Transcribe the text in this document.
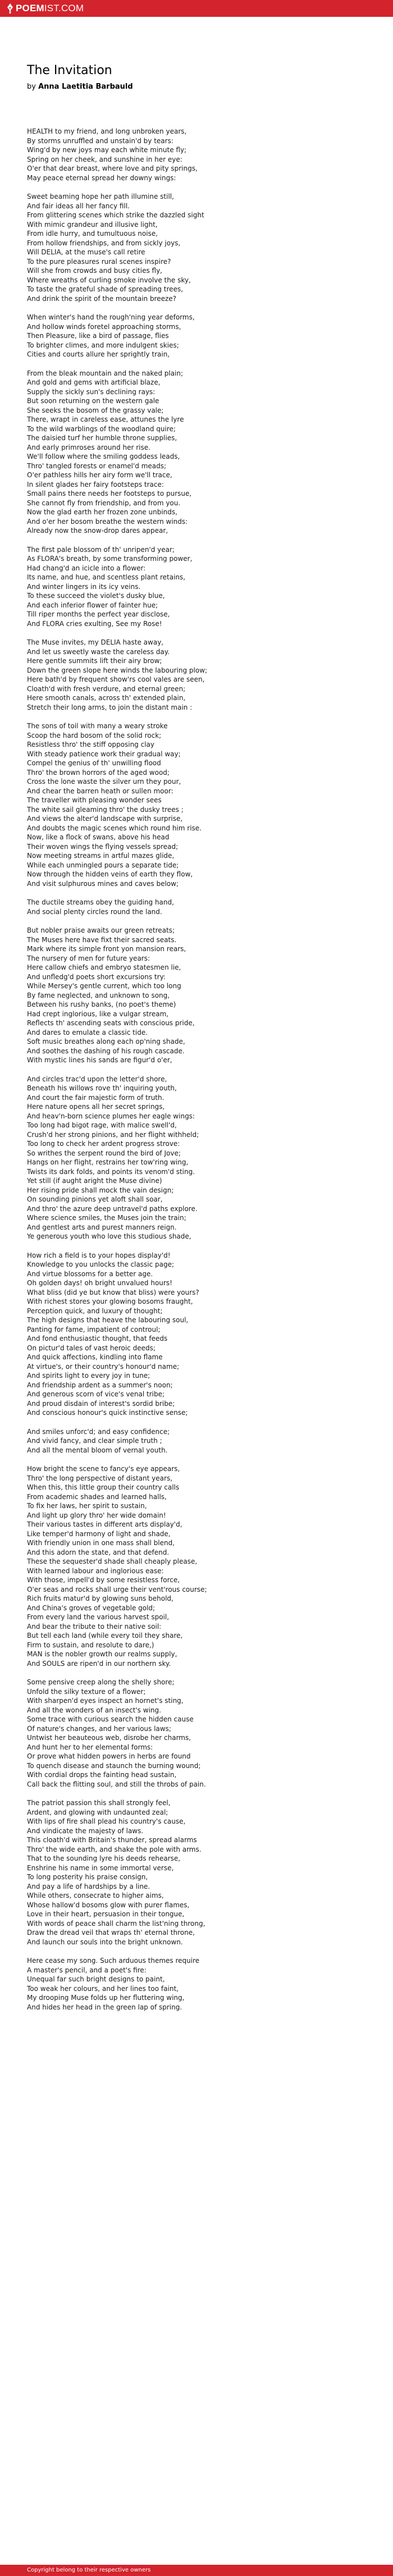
POEMIST.COM
The Invitation
by Anna Laetitia Barbauld
HEALTH to my friend, and long unbroken years,
By storms unruffled and unstain'd by tears:
Wing'd by new joys may each white minute fly;
Spring on her cheek, and sunshine in her eye:
O'er that dear breast, where love and pity springs,
May peace eternal spread her downy wings:
Sweet beaming hope her path illumine still,
And fair ideas all her fancy fill.
From glittering scenes which strike the dazzled sight
With mimic grandeur and illusive light,
From idle hurry, and tumultuous noise,
From hollow friendships, and from sickly joys,
Will DELIA, at the muse's call retire
To the pure pleasures rural scenes inspire?
Will she from crowds and busy cities fly,
Where wreaths of curling smoke involve the sky,
To taste the grateful shade of spreading trees,
And drink the spirit of the mountain breeze?
When winter's hand the rough'ning year deforms,
And hollow winds foretel approaching storms,
Then Pleasure, like a bird of passage, flies
To brighter climes, and more indulgent skies;
Cities and courts allure her sprightly train,
From the bleak mountain and the naked plain;
And gold and gems with artificial blaze,
Supply the sickly sun's declining rays:
But soon returning on the western gale
She seeks the bosom of the grassy vale;
There, wrapt in careless ease, attunes the lyre
To the wild warblings of the woodland quire;
The daisied turf her humble throne supplies,
And early primroses around her rise.
We'll follow where the smiling goddess leads,
Thro' tangled forests or enamel'd meads;
O'er pathless hills her airy form we'll trace,
In silent glades her fairy footsteps trace:
Small pains there needs her footsteps to pursue,
She cannot fly from friendship, and from you.
Now the glad earth her frozen zone unbinds,
And o'er her bosom breathe the western winds:
Already now the snow-drop dares appear,
The first pale blossom of th' unripen'd year;
As FLORA's breath, by some transforming power,
Had chang'd an icicle into a flower:
Its name, and hue, and scentless plant retains,
And winter lingers in its icy veins.
To these succeed the violet's dusky blue,
And each inferior flower of fainter hue;
Till riper months the perfect year disclose,
And FLORA cries exulting, See my Rose!
The Muse invites, my DELIA haste away,
And let us sweetly waste the careless day.
Here gentle summits lift their airy brow;
Down the green slope here winds the labouring plow;
Here bath'd by frequent show'rs cool vales are seen,
Cloath'd with fresh verdure, and eternal green;
Here smooth canals, across th' extended plain,
Stretch their long arms, to join the distant main :
The sons of toil with many a weary stroke
Scoop the hard bosom of the solid rock;
Resistless thro' the stiff opposing clay
With steady patience work their gradual way;
Compel the genius of th' unwilling flood
Thro' the brown horrors of the aged wood;
Cross the lone waste the silver urn they pour,
And chear the barren heath or sullen moor:
The traveller with pleasing wonder sees
The white sail gleaming thro' the dusky trees ;
And views the alter'd landscape with surprise,
And doubts the magic scenes which round him rise.
Now, like a flock of swans, above his head
Their woven wings the flying vessels spread;
Now meeting streams in artful mazes glide,
While each unmingled pours a separate tide;
Now through the hidden veins of earth they flow,
And visit sulphurous mines and caves below;
The ductile streams obey the guiding hand,
And social plenty circles round the land.
But nobler praise awaits our green retreats;
The Muses here have fixt their sacred seats.
Mark where its simple front yon mansion rears,
The nursery of men for future years:
Here callow chiefs and embryo statesmen lie,
And unfledg'd poets short excursions try:
While Mersey's gentle current, which too long
By fame neglected, and unknown to song,
Between his rushy banks, (no poet's theme)
Had crept inglorious, like a vulgar stream,
Reflects th' ascending seats with conscious pride,
And dares to emulate a classic tide.
Soft music breathes along each op'ning shade,
And soothes the dashing of his rough cascade.
With mystic lines his sands are figur'd o'er,
And circles trac'd upon the letter'd shore,
Beneath his willows rove th' inquiring youth,
And court the fair majestic form of truth.
Here nature opens all her secret springs,
And heav'n-born science plumes her eagle wings:
Too long had bigot rage, with malice swell'd,
Crush'd her strong pinions, and her flight withheld;
Too long to check her ardent progress strove:
So writhes the serpent round the bird of Jove;
Hangs on her flight, restrains her tow'ring wing,
Twists its dark folds, and points its venom'd sting.
Yet still (if aught aright the Muse divine)
Her rising pride shall mock the vain design;
On sounding pinions yet aloft shall soar,
And thro' the azure deep untravel'd paths explore.
Where science smiles, the Muses join the train;
And gentlest arts and purest manners reign.
Ye generous youth who love this studious shade,
How rich a field is to your hopes display'd!
Knowledge to you unlocks the classic page;
And virtue blossoms for a better age.
Oh golden days! oh bright unvalued hours!
What bliss (did ye but know that bliss) were yours?
With richest stores your glowing bosoms fraught,
Perception quick, and luxury of thought;
The high designs that heave the labouring soul,
Panting for fame, impatient of controul;
And fond enthusiastic thought, that feeds
On pictur'd tales of vast heroic deeds;
And quick affections, kindling into flame
At virtue's, or their country's honour'd name;
And spirits light to every joy in tune;
And friendship ardent as a summer's noon;
And generous scorn of vice's venal tribe;
And proud disdain of interest's sordid bribe;
And conscious honour's quick instinctive sense;
And smiles unforc'd; and easy confidence;
And vivid fancy, and clear simple truth ;
And all the mental bloom of vernal youth.
How bright the scene to fancy's eye appears,
Thro' the long perspective of distant years,
When this, this little group their country calls
From academic shades and learned halls,
To fix her laws, her spirit to sustain,
And light up glory thro' her wide domain!
Their various tastes in different arts display'd,
Like temper'd harmony of light and shade,
With friendly union in one mass shall blend,
And this adorn the state, and that defend.
These the sequester'd shade shall cheaply please,
With learned labour and inglorious ease:
With those, impell'd by some resistless force,
O'er seas and rocks shall urge their vent'rous course;
Rich fruits matur'd by glowing suns behold,
And China's groves of vegetable gold;
From every land the various harvest spoil,
And bear the tribute to their native soil:
But tell each land (while every toil they share,
Firm to sustain, and resolute to dare,)
MAN is the nobler growth our realms supply,
And SOULS are ripen'd in our northern sky.
Some pensive creep along the shelly shore;
Unfold the silky texture of a flower;
With sharpen'd eyes inspect an hornet's sting,
And all the wonders of an insect's wing.
Some trace with curious search the hidden cause
Of nature's changes, and her various laws;
Untwist her beauteous web, disrobe her charms,
And hunt her to her elemental forms:
Or prove what hidden powers in herbs are found
To quench disease and staunch the burning wound;
With cordial drops the fainting head sustain,
Call back the flitting soul, and still the throbs of pain.
The patriot passion this shall strongly feel,
Ardent, and glowing with undaunted zeal;
With lips of fire shall plead his country's cause,
And vindicate the majesty of laws.
This cloath'd with Britain's thunder, spread alarms
Thro' the wide earth, and shake the pole with arms.
That to the sounding lyre his deeds rehearse,
Enshrine his name in some immortal verse,
To long posterity his praise consign,
And pay a life of hardships by a line.
While others, consecrate to higher aims,
Whose hallow'd bosoms glow with purer flames,
Love in their heart, persuasion in their tongue,
With words of peace shall charm the list'ning throng,
Draw the dread veil that wraps th' eternal throne,
And launch our souls into the bright unknown.
Here cease my song. Such arduous themes require
A master's pencil, and a poet's fire:
Unequal far such bright designs to paint,
Too weak her colours, and her lines too faint,
My drooping Muse folds up her fluttering wing,
And hides her head in the green lap of spring.
Copyright belong to their respective owners
